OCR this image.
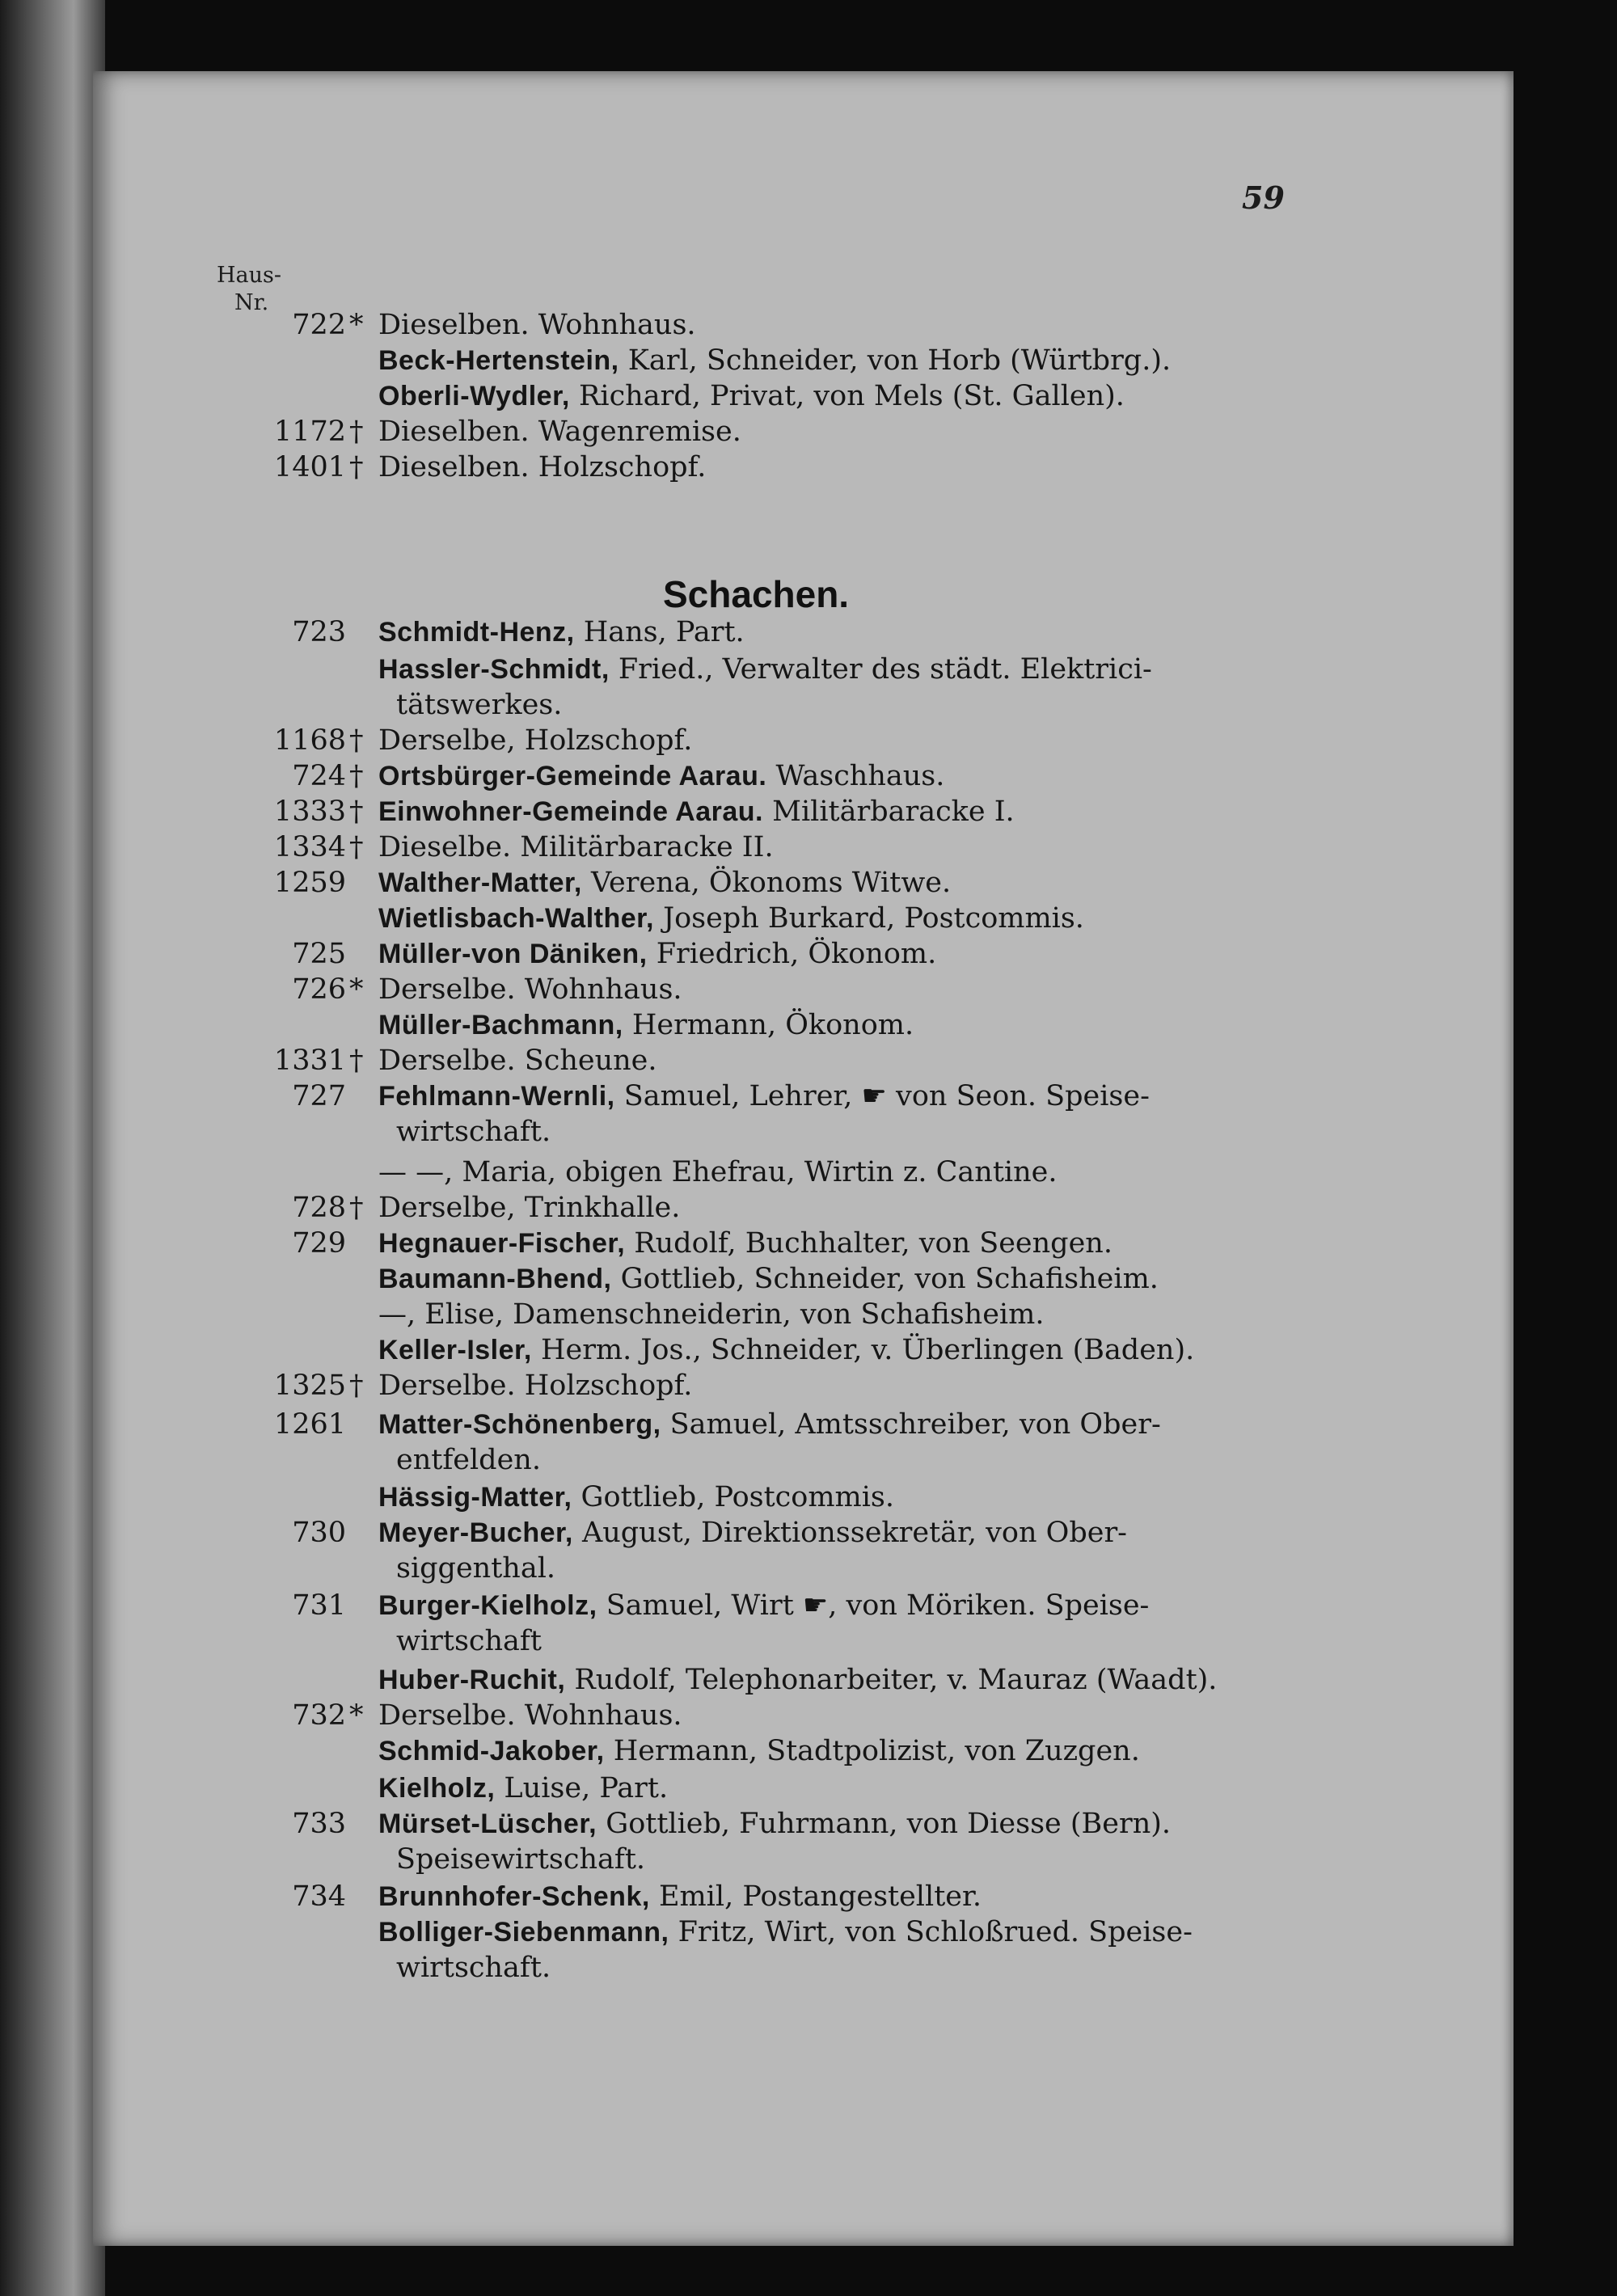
59
Haus-
Nr.
Schachen.
722 * Dieselben. Wohnhaus.
Beck-Hertenstein, Karl, Schneider, von Horb (Würtbrg.).
Oberli-Wydler, Richard, Privat, von Mels (St. Gallen).
1172 † Dieselben. Wagenremise.
1401 † Dieselben. Holzschopf.
723 Schmidt-Henz, Hans, Part.
Hassler-Schmidt, Fried., Verwalter des städt. Elektrici-
tätswerkes.
1168 † Derselbe, Holzschopf.
724 † Ortsbürger-Gemeinde Aarau. Waschhaus.
1333 † Einwohner-Gemeinde Aarau. Militärbaracke I.
1334 † Dieselbe. Militärbaracke II.
1259 Walther-Matter, Verena, Ökonoms Witwe.
Wietlisbach-Walther, Joseph Burkard, Postcommis.
725 Müller-von Däniken, Friedrich, Ökonom.
726 * Derselbe. Wohnhaus.
Müller-Bachmann, Hermann, Ökonom.
1331 † Derselbe. Scheune.
727 Fehlmann-Wernli, Samuel, Lehrer, ☛ von Seon. Speise-
wirtschaft.
— —, Maria, obigen Ehefrau, Wirtin z. Cantine.
728 † Derselbe, Trinkhalle.
729 Hegnauer-Fischer, Rudolf, Buchhalter, von Seengen.
Baumann-Bhend, Gottlieb, Schneider, von Schafisheim.
—, Elise, Damenschneiderin, von Schafisheim.
Keller-Isler, Herm. Jos., Schneider, v. Überlingen (Baden).
1325 † Derselbe. Holzschopf.
1261 Matter-Schönenberg, Samuel, Amtsschreiber, von Ober-
entfelden.
Hässig-Matter, Gottlieb, Postcommis.
730 Meyer-Bucher, August, Direktionssekretär, von Ober-
siggenthal.
731 Burger-Kielholz, Samuel, Wirt ☛, von Möriken. Speise-
wirtschaft
Huber-Ruchit, Rudolf, Telephonarbeiter, v. Mauraz (Waadt).
732 * Derselbe. Wohnhaus.
Schmid-Jakober, Hermann, Stadtpolizist, von Zuzgen.
Kielholz, Luise, Part.
733 Mürset-Lüscher, Gottlieb, Fuhrmann, von Diesse (Bern).
Speisewirtschaft.
734 Brunnhofer-Schenk, Emil, Postangestellter.
Bolliger-Siebenmann, Fritz, Wirt, von Schloßrued. Speise-
wirtschaft.
